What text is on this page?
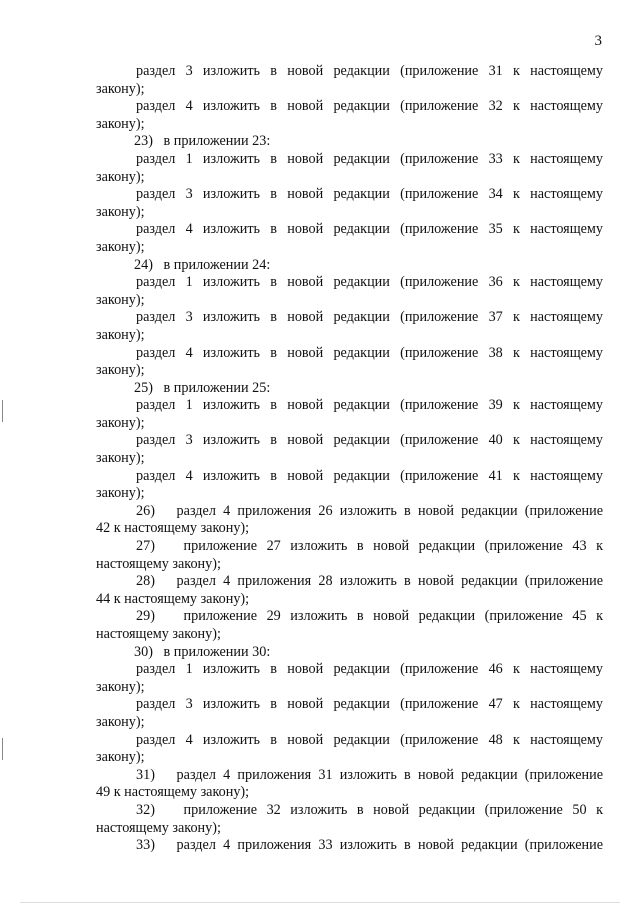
3
раздел 3 изложить в новой редакции (приложение 31 к настоящему
закону);
раздел 4 изложить в новой редакции (приложение 32 к настоящему
закону);
23)   в приложении 23:
раздел 1 изложить в новой редакции (приложение 33 к настоящему
закону);
раздел 3 изложить в новой редакции (приложение 34 к настоящему
закону);
раздел 4 изложить в новой редакции (приложение 35 к настоящему
закону);
24)   в приложении 24:
раздел 1 изложить в новой редакции (приложение 36 к настоящему
закону);
раздел 3 изложить в новой редакции (приложение 37 к настоящему
закону);
раздел 4 изложить в новой редакции (приложение 38 к настоящему
закону);
25)   в приложении 25:
раздел 1 изложить в новой редакции (приложение 39 к настоящему
закону);
раздел 3 изложить в новой редакции (приложение 40 к настоящему
закону);
раздел 4 изложить в новой редакции (приложение 41 к настоящему
закону);
26)   раздел 4 приложения 26 изложить в новой редакции (приложение
42 к настоящему закону);
27)   приложение 27 изложить в новой редакции (приложение 43 к
настоящему закону);
28)   раздел 4 приложения 28 изложить в новой редакции (приложение
44 к настоящему закону);
29)   приложение 29 изложить в новой редакции (приложение 45 к
настоящему закону);
30)   в приложении 30:
раздел 1 изложить в новой редакции (приложение 46 к настоящему
закону);
раздел 3 изложить в новой редакции (приложение 47 к настоящему
закону);
раздел 4 изложить в новой редакции (приложение 48 к настоящему
закону);
31)   раздел 4 приложения 31 изложить в новой редакции (приложение
49 к настоящему закону);
32)   приложение 32 изложить в новой редакции (приложение 50 к
настоящему закону);
33)   раздел 4 приложения 33 изложить в новой редакции (приложение
